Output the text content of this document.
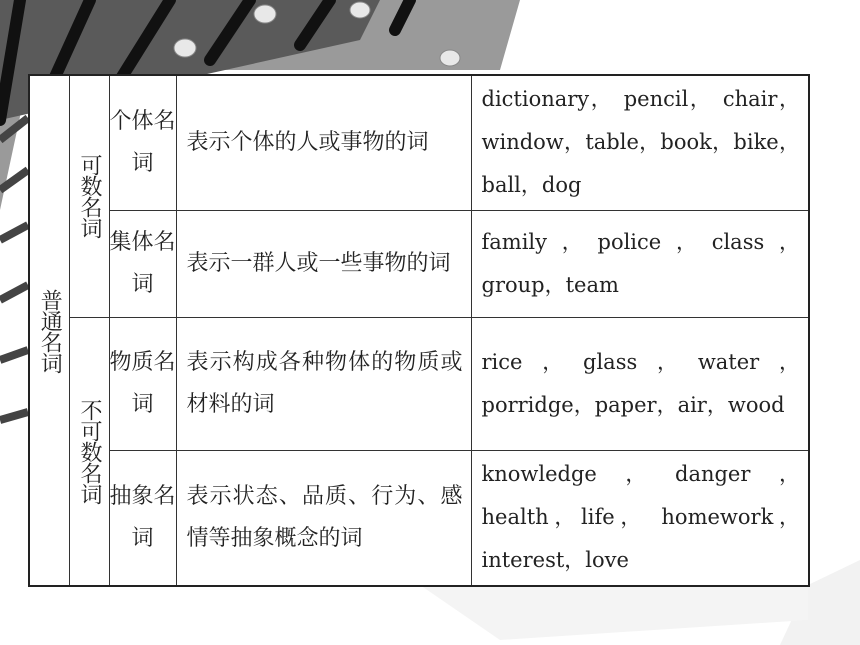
普通名词	可数名词	个体名词	表示个体的人或事物的词	dictionary， pencil， chair，window，table，book，bike，ball，dog
		集体名词	表示一群人或一些事物的词	family，police，class，group，team

	不可数名词	物质名词	表示构成各种物体的物质或材料的词	rice，glass，water，porridge，paper，air，wood
		抽象名词	表示状态、品质、行为、感情等抽象概念的词	knowledge，danger，health，life， homework， interest，love
